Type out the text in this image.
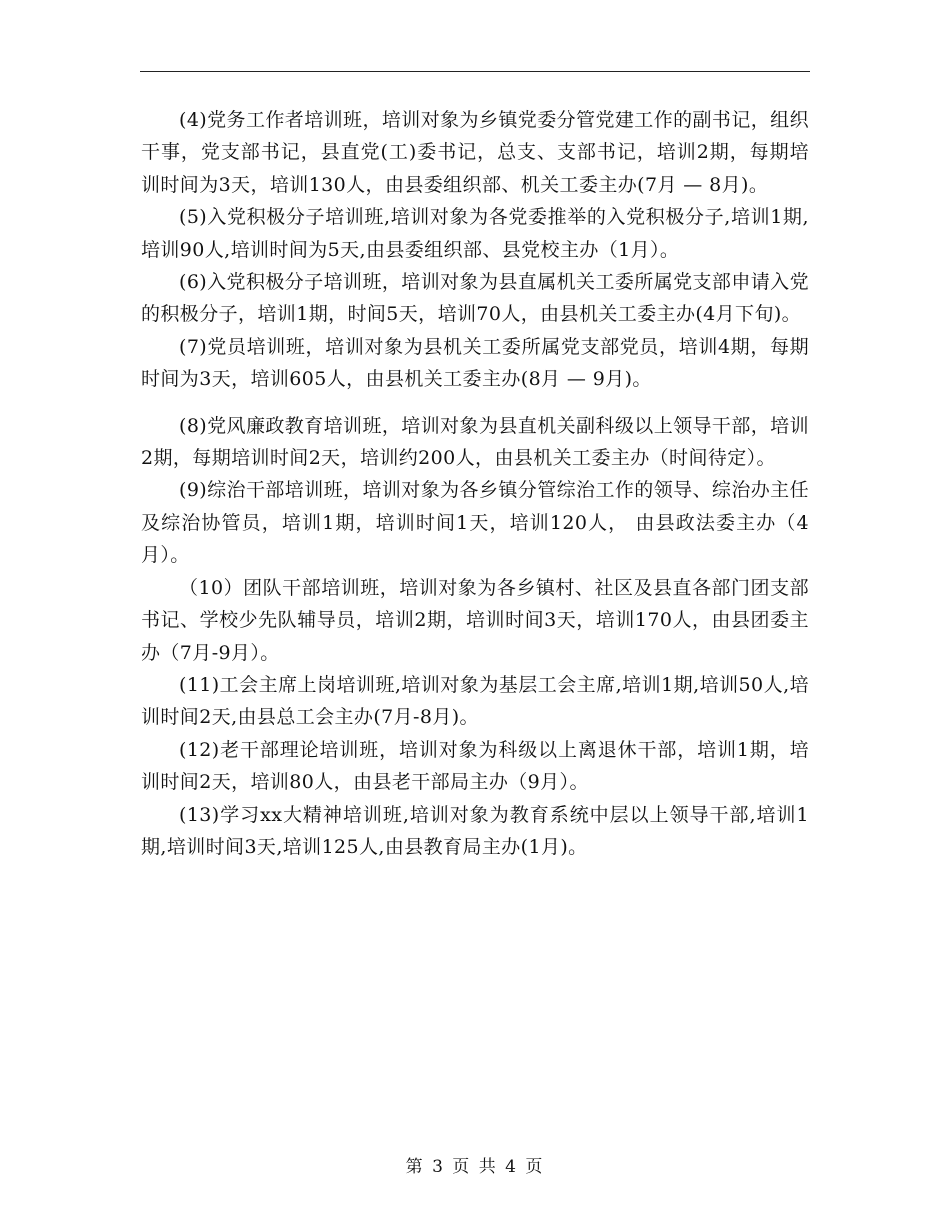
(4)党务工作者培训班，培训对象为乡镇党委分管党建工作的副书记，组织干事，党支部书记，县直党(工)委书记，总支、支部书记，培训2期，每期培训时间为3天，培训130人，由县委组织部、机关工委主办(7月 — 8月)。

(5)入党积极分子培训班,培训对象为各党委推举的入党积极分子,培训1期,培训90人,培训时间为5天,由县委组织部、县党校主办（1月）。

(6)入党积极分子培训班，培训对象为县直属机关工委所属党支部申请入党的积极分子，培训1期，时间5天，培训70人，由县机关工委主办(4月下旬)。

(7)党员培训班，培训对象为县机关工委所属党支部党员，培训4期，每期时间为3天，培训605人，由县机关工委主办(8月 — 9月)。

(8)党风廉政教育培训班，培训对象为县直机关副科级以上领导干部，培训2期，每期培训时间2天，培训约200人，由县机关工委主办（时间待定）。

(9)综治干部培训班，培训对象为各乡镇分管综治工作的领导、综治办主任及综治协管员，培训1期，培训时间1天，培训120人， 由县政法委主办（4月）。

（10）团队干部培训班，培训对象为各乡镇村、社区及县直各部门团支部书记、学校少先队辅导员，培训2期，培训时间3天，培训170人，由县团委主办（7月-9月）。

(11)工会主席上岗培训班,培训对象为基层工会主席,培训1期,培训50人,培训时间2天,由县总工会主办(7月-8月)。

(12)老干部理论培训班，培训对象为科级以上离退休干部，培训1期，培训时间2天，培训80人，由县老干部局主办（9月）。

(13)学习xx大精神培训班,培训对象为教育系统中层以上领导干部,培训1期,培训时间3天,培训125人,由县教育局主办(1月)。

第 3 页 共 4 页
